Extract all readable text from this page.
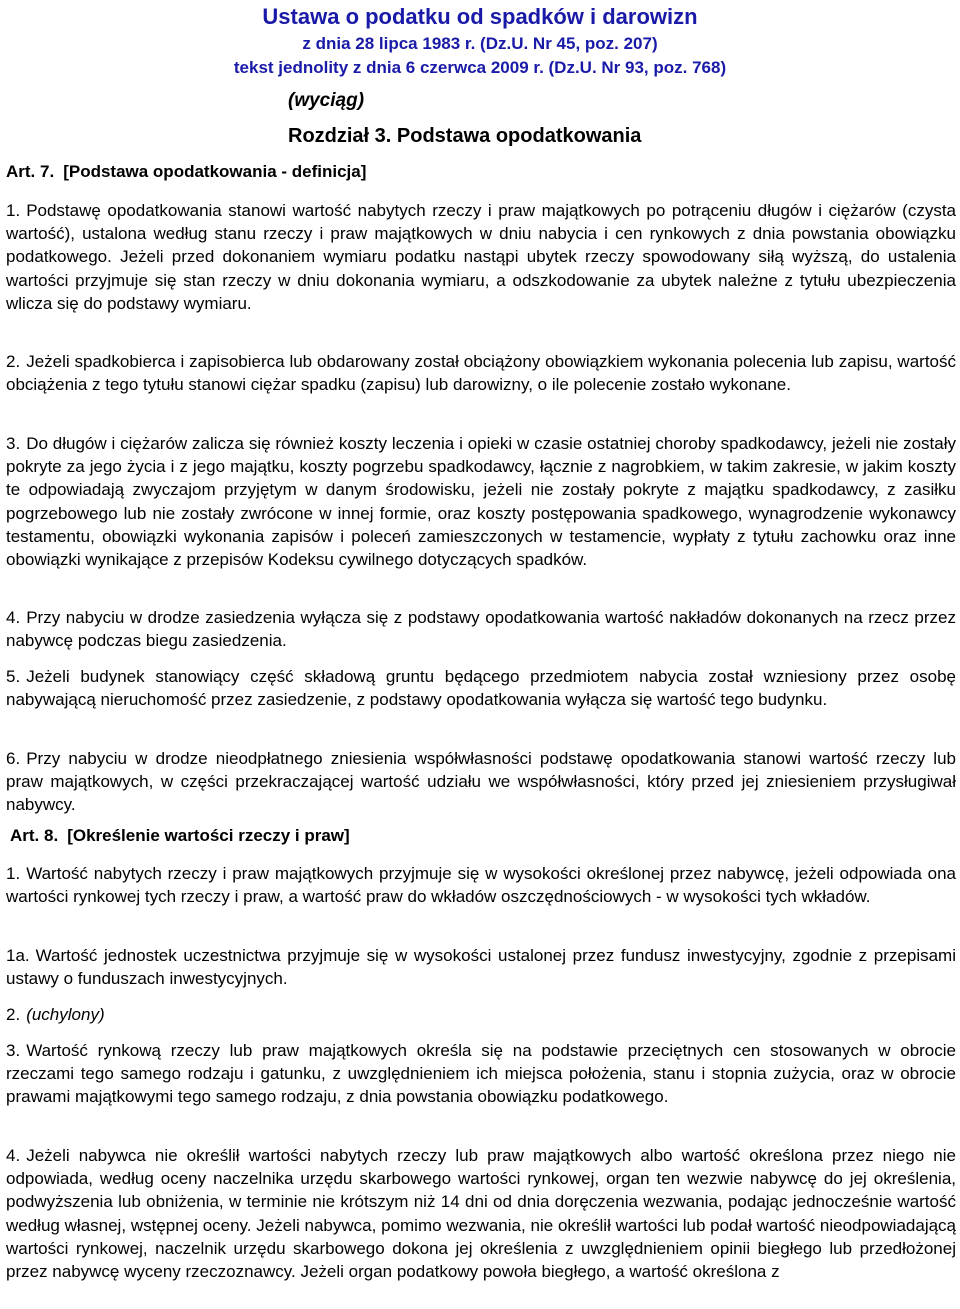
Ustawa o podatku od spadków i darowizn

z dnia 28 lipca 1983 r. (Dz.U. Nr 45, poz. 207)

tekst jednolity z dnia 6 czerwca 2009 r. (Dz.U. Nr 93, poz. 768)

(wyciąg)

Rozdział 3. Podstawa opodatkowania

Art. 7. [Podstawa opodatkowania - definicja]

1. Podstawę opodatkowania stanowi wartość nabytych rzeczy i praw majątkowych po potrąceniu długów i ciężarów (czysta wartość), ustalona według stanu rzeczy i praw majątkowych w dniu nabycia i cen rynkowych z dnia powstania obowiązku podatkowego. Jeżeli przed dokonaniem wymiaru podatku nastąpi ubytek rzeczy spowodowany siłą wyższą, do ustalenia wartości przyjmuje się stan rzeczy w dniu dokonania wymiaru, a odszkodowanie za ubytek należne z tytułu ubezpieczenia wlicza się do podstawy wymiaru.

2. Jeżeli spadkobierca i zapisobierca lub obdarowany został obciążony obowiązkiem wykonania polecenia lub zapisu, wartość obciążenia z tego tytułu stanowi ciężar spadku (zapisu) lub darowizny, o ile polecenie zostało wykonane.

3. Do długów i ciężarów zalicza się również koszty leczenia i opieki w czasie ostatniej choroby spadkodawcy, jeżeli nie zostały pokryte za jego życia i z jego majątku, koszty pogrzebu spadkodawcy, łącznie z nagrobkiem, w takim zakresie, w jakim koszty te odpowiadają zwyczajom przyjętym w danym środowisku, jeżeli nie zostały pokryte z majątku spadkodawcy, z zasiłku pogrzebowego lub nie zostały zwrócone w innej formie, oraz koszty postępowania spadkowego, wynagrodzenie wykonawcy testamentu, obowiązki wykonania zapisów i poleceń zamieszczonych w testamencie, wypłaty z tytułu zachowku oraz inne obowiązki wynikające z przepisów Kodeksu cywilnego dotyczących spadków.

4. Przy nabyciu w drodze zasiedzenia wyłącza się z podstawy opodatkowania wartość nakładów dokonanych na rzecz przez nabywcę podczas biegu zasiedzenia.

5. Jeżeli budynek stanowiący część składową gruntu będącego przedmiotem nabycia został wzniesiony przez osobę nabywającą nieruchomość przez zasiedzenie, z podstawy opodatkowania wyłącza się wartość tego budynku.

6. Przy nabyciu w drodze nieodpłatnego zniesienia współwłasności podstawę opodatkowania stanowi wartość rzeczy lub praw majątkowych, w części przekraczającej wartość udziału we współwłasności, który przed jej zniesieniem przysługiwał nabywcy.

Art. 8. [Określenie wartości rzeczy i praw]

1. Wartość nabytych rzeczy i praw majątkowych przyjmuje się w wysokości określonej przez nabywcę, jeżeli odpowiada ona wartości rynkowej tych rzeczy i praw, a wartość praw do wkładów oszczędnościowych - w wysokości tych wkładów.

1a. Wartość jednostek uczestnictwa przyjmuje się w wysokości ustalonej przez fundusz inwestycyjny, zgodnie z przepisami ustawy o funduszach inwestycyjnych.

2. (uchylony)

3. Wartość rynkową rzeczy lub praw majątkowych określa się na podstawie przeciętnych cen stosowanych w obrocie rzeczami tego samego rodzaju i gatunku, z uwzględnieniem ich miejsca położenia, stanu i stopnia zużycia, oraz w obrocie prawami majątkowymi tego samego rodzaju, z dnia powstania obowiązku podatkowego.

4. Jeżeli nabywca nie określił wartości nabytych rzeczy lub praw majątkowych albo wartość określona przez niego nie odpowiada, według oceny naczelnika urzędu skarbowego wartości rynkowej, organ ten wezwie nabywcę do jej określenia, podwyższenia lub obniżenia, w terminie nie krótszym niż 14 dni od dnia doręczenia wezwania, podając jednocześnie wartość według własnej, wstępnej oceny. Jeżeli nabywca, pomimo wezwania, nie określił wartości lub podał wartość nieodpowiadającą wartości rynkowej, naczelnik urzędu skarbowego dokona jej określenia z uwzględnieniem opinii biegłego lub przedłożonej przez nabywcę wyceny rzeczoznawcy. Jeżeli organ podatkowy powoła biegłego, a wartość określona z
